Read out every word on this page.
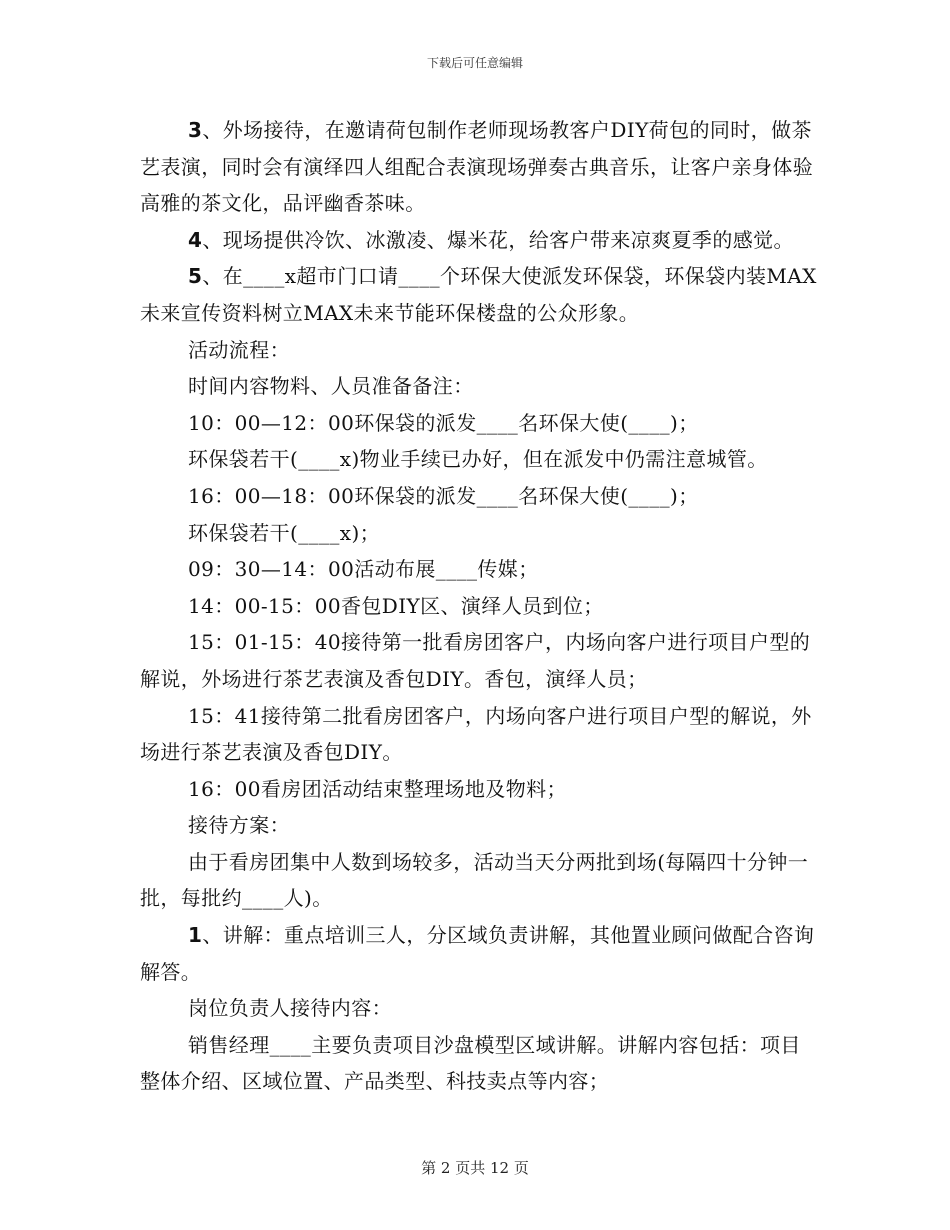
下载后可任意编辑

3、外场接待，在邀请荷包制作老师现场教客户DIY荷包的同时，做茶艺表演，同时会有演绎四人组配合表演现场弹奏古典音乐，让客户亲身体验高雅的茶文化，品评幽香茶味。

4、现场提供冷饮、冰激凌、爆米花，给客户带来凉爽夏季的感觉。

5、在____x超市门口请____个环保大使派发环保袋，环保袋内装MAX未来宣传资料树立MAX未来节能环保楼盘的公众形象。

活动流程：

时间内容物料、人员准备备注：

10：00—12：00环保袋的派发____名环保大使(____)；

环保袋若干(____x)物业手续已办好，但在派发中仍需注意城管。

16：00—18：00环保袋的派发____名环保大使(____)；

环保袋若干(____x)；

09：30—14：00活动布展____传媒；

14：00-15：00香包DIY区、演绎人员到位；

15：01-15：40接待第一批看房团客户，内场向客户进行项目户型的解说，外场进行茶艺表演及香包DIY。香包，演绎人员；

15：41接待第二批看房团客户，内场向客户进行项目户型的解说，外场进行茶艺表演及香包DIY。

16：00看房团活动结束整理场地及物料；

接待方案：

由于看房团集中人数到场较多，活动当天分两批到场(每隔四十分钟一批，每批约____人)。

1、讲解：重点培训三人，分区域负责讲解，其他置业顾问做配合咨询解答。

岗位负责人接待内容：

销售经理____主要负责项目沙盘模型区域讲解。讲解内容包括：项目整体介绍、区域位置、产品类型、科技卖点等内容；

第 2 页共 12 页
